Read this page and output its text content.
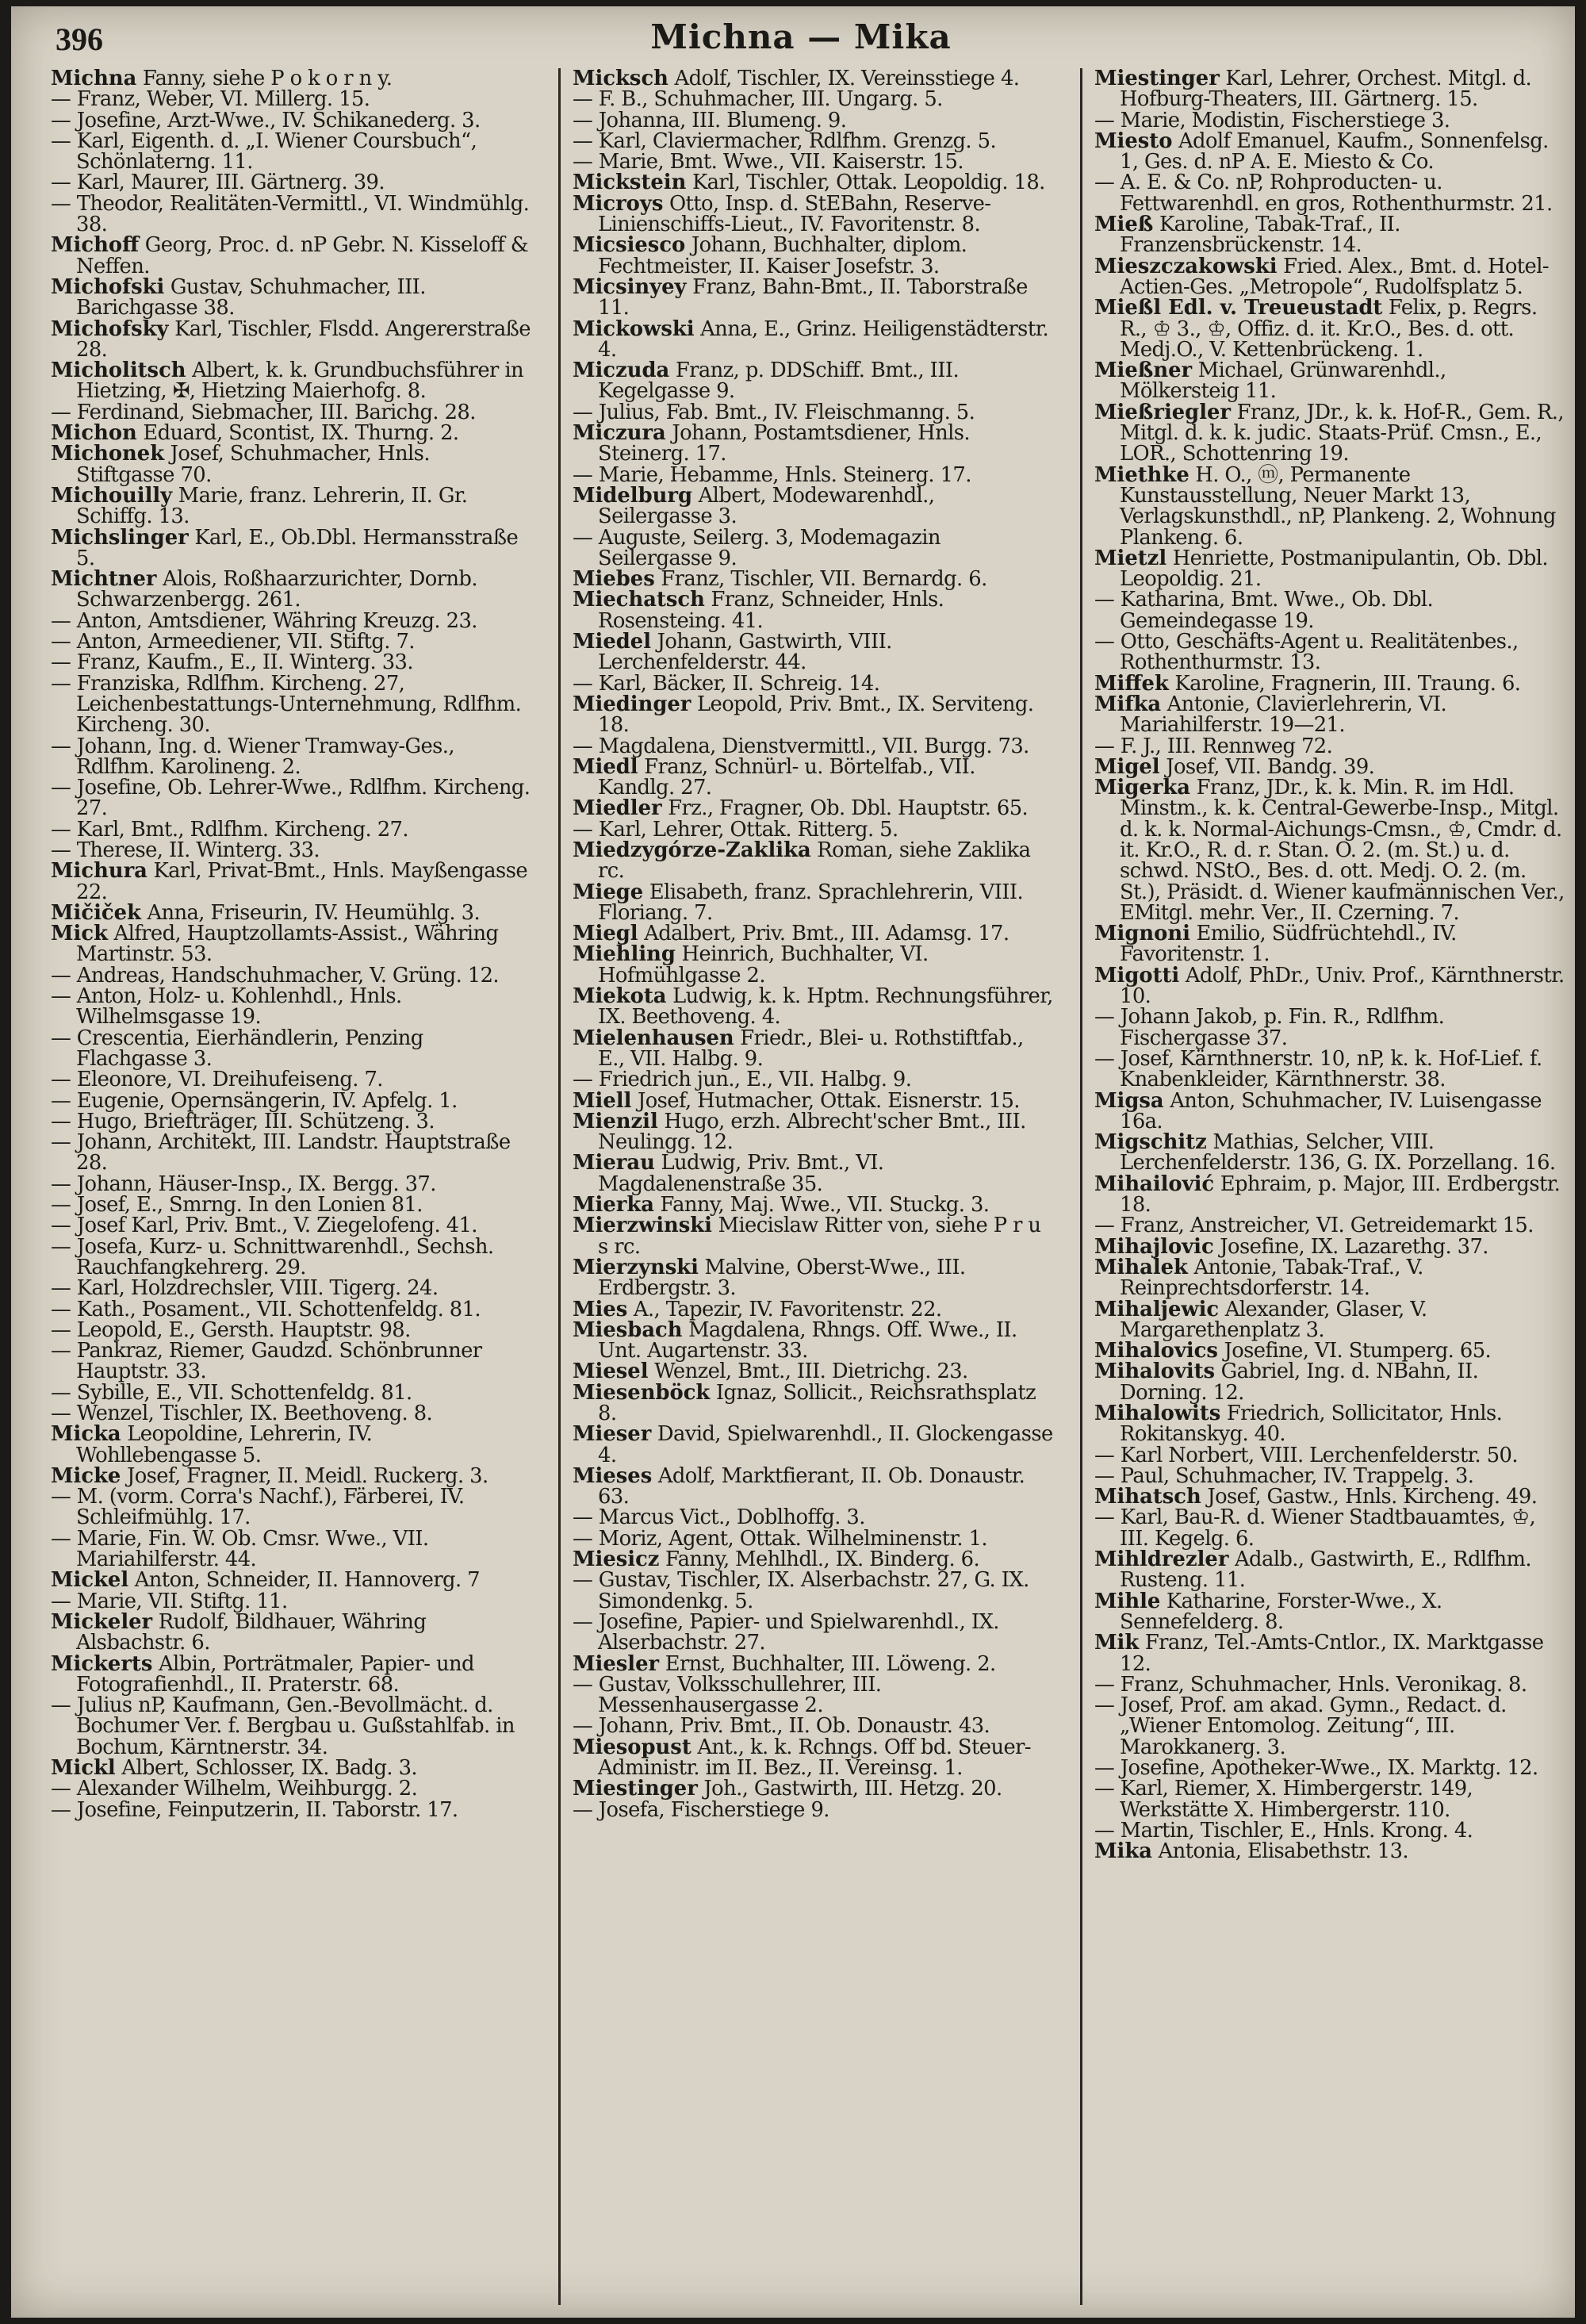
396	Michna — Mika

Michna Fanny, siehe P o k o r n y.

— Franz, Weber, VI. Millerg. 15.

— Josefine, Arzt-Wwe., IV. Schikanederg. 3.

— Karl, Eigenth. d. „I. Wiener Coursbuch“, Schönlaterng. 11.

— Karl, Maurer, III. Gärtnerg. 39.

— Theodor, Realitäten-Vermittl., VI. Windmühlg. 38.

Michoff Georg, Proc. d. nP Gebr. N. Kisseloff & Neffen.

Michofski Gustav, Schuhmacher, III. Barichgasse 38.

Michofsky Karl, Tischler, Flsdd. Angererstraße 28.

Micholitsch Albert, k. k. Grundbuchsführer in Hietzing, ✠, Hietzing Maierhofg. 8.

— Ferdinand, Siebmacher, III. Barichg. 28.

Michon Eduard, Scontist, IX. Thurng. 2.

Michonek Josef, Schuhmacher, Hnls. Stiftgasse 70.

Michouilly Marie, franz. Lehrerin, II. Gr. Schiffg. 13.

Michslinger Karl, E., Ob.Dbl. Hermansstraße 5.

Michtner Alois, Roßhaarzurichter, Dornb. Schwarzenbergg. 261.

— Anton, Amtsdiener, Währing Kreuzg. 23.

— Anton, Armeediener, VII. Stiftg. 7.

— Franz, Kaufm., E., II. Winterg. 33.

— Franziska, Rdlfhm. Kircheng. 27, Leichenbestattungs-Unternehmung, Rdlfhm. Kircheng. 30.

— Johann, Ing. d. Wiener Tramway-Ges., Rdlfhm. Karolineng. 2.

— Josefine, Ob. Lehrer-Wwe., Rdlfhm. Kircheng. 27.

— Karl, Bmt., Rdlfhm. Kircheng. 27.

— Therese, II. Winterg. 33.

Michura Karl, Privat-Bmt., Hnls. Mayßengasse 22.

Mičiček Anna, Friseurin, IV. Heumühlg. 3.

Mick Alfred, Hauptzollamts-Assist., Währing Martinstr. 53.

— Andreas, Handschuhmacher, V. Grüng. 12.

— Anton, Holz- u. Kohlenhdl., Hnls. Wilhelmsgasse 19.

— Crescentia, Eierhändlerin, Penzing Flachgasse 3.

— Eleonore, VI. Dreihufeiseng. 7.

— Eugenie, Opernsängerin, IV. Apfelg. 1.

— Hugo, Briefträger, III. Schützeng. 3.

— Johann, Architekt, III. Landstr. Hauptstraße 28.

— Johann, Häuser-Insp., IX. Bergg. 37.

— Josef, E., Smrng. In den Lonien 81.

— Josef Karl, Priv. Bmt., V. Ziegelofeng. 41.

— Josefa, Kurz- u. Schnittwarenhdl., Sechsh. Rauchfangkehrerg. 29.

— Karl, Holzdrechsler, VIII. Tigerg. 24.

— Kath., Posament., VII. Schottenfeldg. 81.

— Leopold, E., Gersth. Hauptstr. 98.

— Pankraz, Riemer, Gaudzd. Schönbrunner Hauptstr. 33.

— Sybille, E., VII. Schottenfeldg. 81.

— Wenzel, Tischler, IX. Beethoveng. 8.

Micka Leopoldine, Lehrerin, IV. Wohllebengasse 5.

Micke Josef, Fragner, II. Meidl. Ruckerg. 3.

— M. (vorm. Corra's Nachf.), Färberei, IV. Schleifmühlg. 17.

— Marie, Fin. W. Ob. Cmsr. Wwe., VII. Mariahilferstr. 44.

Mickel Anton, Schneider, II. Hannoverg. 7

— Marie, VII. Stiftg. 11.

Mickeler Rudolf, Bildhauer, Währing Alsbachstr. 6.

Mickerts Albin, Porträtmaler, Papier- und Fotografienhdl., II. Praterstr. 68.

— Julius nP, Kaufmann, Gen.-Bevollmächt. d. Bochumer Ver. f. Bergbau u. Gußstahlfab. in Bochum, Kärntnerstr. 34.

Mickl Albert, Schlosser, IX. Badg. 3.

— Alexander Wilhelm, Weihburgg. 2.

— Josefine, Feinputzerin, II. Taborstr. 17.

Micksch Adolf, Tischler, IX. Vereinsstiege 4.

— F. B., Schuhmacher, III. Ungarg. 5.

— Johanna, III. Blumeng. 9.

— Karl, Claviermacher, Rdlfhm. Grenzg. 5.

— Marie, Bmt. Wwe., VII. Kaiserstr. 15.

Mickstein Karl, Tischler, Ottak. Leopoldig. 18.

Microys Otto, Insp. d. StEBahn, Reserve-Linienschiffs-Lieut., IV. Favoritenstr. 8.

Micsiesco Johann, Buchhalter, diplom. Fechtmeister, II. Kaiser Josefstr. 3.

Micsinyey Franz, Bahn-Bmt., II. Taborstraße 11.

Mickowski Anna, E., Grinz. Heiligenstädterstr. 4.

Miczuda Franz, p. DDSchiff. Bmt., III. Kegelgasse 9.

— Julius, Fab. Bmt., IV. Fleischmanng. 5.

Miczura Johann, Postamtsdiener, Hnls. Steinerg. 17.

— Marie, Hebamme, Hnls. Steinerg. 17.

Midelburg Albert, Modewarenhdl., Seilergasse 3.

— Auguste, Seilerg. 3, Modemagazin Seilergasse 9.

Miebes Franz, Tischler, VII. Bernardg. 6.

Miechatsch Franz, Schneider, Hnls. Rosensteing. 41.

Miedel Johann, Gastwirth, VIII. Lerchenfelderstr. 44.

— Karl, Bäcker, II. Schreig. 14.

Miedinger Leopold, Priv. Bmt., IX. Serviteng. 18.

— Magdalena, Dienstvermittl., VII. Burgg. 73.

Miedl Franz, Schnürl- u. Börtelfab., VII. Kandlg. 27.

Miedler Frz., Fragner, Ob. Dbl. Hauptstr. 65.

— Karl, Lehrer, Ottak. Ritterg. 5.

Miedzygórze-Zaklika Roman, siehe Zaklika rc.

Miege Elisabeth, franz. Sprachlehrerin, VIII. Floriang. 7.

Miegl Adalbert, Priv. Bmt., III. Adamsg. 17.

Miehling Heinrich, Buchhalter, VI. Hofmühlgasse 2.

Miekota Ludwig, k. k. Hptm. Rechnungsführer, IX. Beethoveng. 4.

Mielenhausen Friedr., Blei- u. Rothstiftfab., E., VII. Halbg. 9.

— Friedrich jun., E., VII. Halbg. 9.

Miell Josef, Hutmacher, Ottak. Eisnerstr. 15.

Mienzil Hugo, erzh. Albrecht'scher Bmt., III. Neulingg. 12.

Mierau Ludwig, Priv. Bmt., VI. Magdalenenstraße 35.

Mierka Fanny, Maj. Wwe., VII. Stuckg. 3.

Mierzwinski Miecislaw Ritter von, siehe P r u s rc.

Mierzynski Malvine, Oberst-Wwe., III. Erdbergstr. 3.

Mies A., Tapezir, IV. Favoritenstr. 22.

Miesbach Magdalena, Rhngs. Off. Wwe., II. Unt. Augartenstr. 33.

Miesel Wenzel, Bmt., III. Dietrichg. 23.

Miesenböck Ignaz, Sollicit., Reichsrathsplatz 8.

Mieser David, Spielwarenhdl., II. Glockengasse 4.

Mieses Adolf, Marktfierant, II. Ob. Donaustr. 63.

— Marcus Vict., Doblhoffg. 3.

— Moriz, Agent, Ottak. Wilhelminenstr. 1.

Miesicz Fanny, Mehlhdl., IX. Binderg. 6.

— Gustav, Tischler, IX. Alserbachstr. 27, G. IX. Simondenkg. 5.

— Josefine, Papier- und Spielwarenhdl., IX. Alserbachstr. 27.

Miesler Ernst, Buchhalter, III. Löweng. 2.

— Gustav, Volksschullehrer, III. Messenhausergasse 2.

— Johann, Priv. Bmt., II. Ob. Donaustr. 43.

Miesopust Ant., k. k. Rchngs. Off bd. Steuer-Administr. im II. Bez., II. Vereinsg. 1.

Miestinger Joh., Gastwirth, III. Hetzg. 20.

— Josefa, Fischerstiege 9.

Miestinger Karl, Lehrer, Orchest. Mitgl. d. Hofburg-Theaters, III. Gärtnerg. 15.

— Marie, Modistin, Fischerstiege 3.

Miesto Adolf Emanuel, Kaufm., Sonnenfelsg. 1, Ges. d. nP A. E. Miesto & Co.

— A. E. & Co. nP, Rohproducten- u. Fettwarenhdl. en gros, Rothenthurmstr. 21.

Mieß Karoline, Tabak-Traf., II. Franzensbrückenstr. 14.

Mieszczakowski Fried. Alex., Bmt. d. Hotel-Actien-Ges. „Metropole“, Rudolfsplatz 5.

Mießl Edl. v. Treueustadt Felix, p. Regrs. R., ♔ 3., ♔, Offiz. d. it. Kr.O., Bes. d. ott. Medj.O., V. Kettenbrückeng. 1.

Mießner Michael, Grünwarenhdl., Mölkersteig 11.

Mießriegler Franz, JDr., k. k. Hof-R., Gem. R., Mitgl. d. k. k. judic. Staats-Prüf. Cmsn., E., LOR., Schottenring 19.

Miethke H. O., ⓜ, Permanente Kunstausstellung, Neuer Markt 13, Verlagskunsthdl., nP, Plankeng. 2, Wohnung Plankeng. 6.

Mietzl Henriette, Postmanipulantin, Ob. Dbl. Leopoldig. 21.

— Katharina, Bmt. Wwe., Ob. Dbl. Gemeindegasse 19.

— Otto, Geschäfts-Agent u. Realitätenbes., Rothenthurmstr. 13.

Miffek Karoline, Fragnerin, III. Traung. 6.

Mifka Antonie, Clavierlehrerin, VI. Mariahilferstr. 19—21.

— F. J., III. Rennweg 72.

Migel Josef, VII. Bandg. 39.

Migerka Franz, JDr., k. k. Min. R. im Hdl. Minstm., k. k. Central-Gewerbe-Insp., Mitgl. d. k. k. Normal-Aichungs-Cmsn., ♔, Cmdr. d. it. Kr.O., R. d. r. Stan. O. 2. (m. St.) u. d. schwd. NStO., Bes. d. ott. Medj. O. 2. (m. St.), Präsidt. d. Wiener kaufmännischen Ver., EMitgl. mehr. Ver., II. Czerning. 7.

Mignoni Emilio, Südfrüchtehdl., IV. Favoritenstr. 1.

Migotti Adolf, PhDr., Univ. Prof., Kärnthnerstr. 10.

— Johann Jakob, p. Fin. R., Rdlfhm. Fischergasse 37.

— Josef, Kärnthnerstr. 10, nP, k. k. Hof-Lief. f. Knabenkleider, Kärnthnerstr. 38.

Migsa Anton, Schuhmacher, IV. Luisengasse 16a.

Migschitz Mathias, Selcher, VIII. Lerchenfelderstr. 136, G. IX. Porzellang. 16.

Mihailović Ephraim, p. Major, III. Erdbergstr. 18.

— Franz, Anstreicher, VI. Getreidemarkt 15.

Mihajlovic Josefine, IX. Lazarethg. 37.

Mihalek Antonie, Tabak-Traf., V. Reinprechtsdorferstr. 14.

Mihaljewic Alexander, Glaser, V. Margarethenplatz 3.

Mihalovics Josefine, VI. Stumperg. 65.

Mihalovits Gabriel, Ing. d. NBahn, II. Dorning. 12.

Mihalowits Friedrich, Sollicitator, Hnls. Rokitanskyg. 40.

— Karl Norbert, VIII. Lerchenfelderstr. 50.

— Paul, Schuhmacher, IV. Trappelg. 3.

Mihatsch Josef, Gastw., Hnls. Kircheng. 49.

— Karl, Bau-R. d. Wiener Stadtbauamtes, ♔, III. Kegelg. 6.

Mihldrezler Adalb., Gastwirth, E., Rdlfhm. Rusteng. 11.

Mihle Katharine, Forster-Wwe., X. Sennefelderg. 8.

Mik Franz, Tel.-Amts-Cntlor., IX. Marktgasse 12.

— Franz, Schuhmacher, Hnls. Veronikag. 8.

— Josef, Prof. am akad. Gymn., Redact. d. „Wiener Entomolog. Zeitung“, III. Marokkanerg. 3.

— Josefine, Apotheker-Wwe., IX. Marktg. 12.

— Karl, Riemer, X. Himbergerstr. 149, Werkstätte X. Himbergerstr. 110.

— Martin, Tischler, E., Hnls. Krong. 4.

Mika Antonia, Elisabethstr. 13.
